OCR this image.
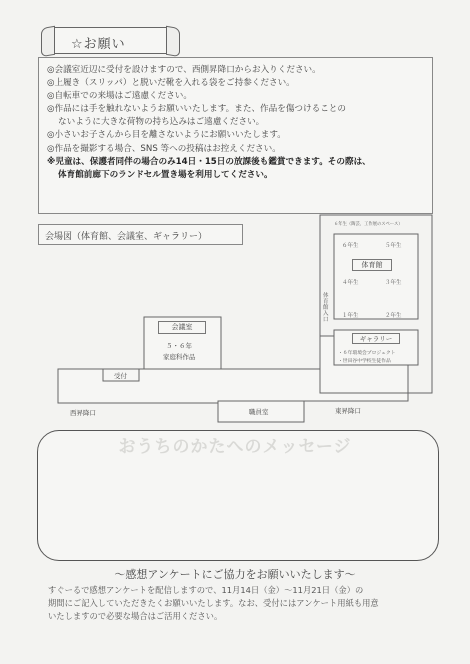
☆お願い
◎会議室近辺に受付を設けますので、西側昇降口からお入りください。
◎上履き（スリッパ）と脱いだ靴を入れる袋をご持参ください。
◎自転車での来場はご遠慮ください。
◎作品には手を触れないようお願いいたします。また、作品を傷つけることの
ないように大きな荷物の持ち込みはご遠慮ください。
◎小さいお子さんから目を離さないようにお願いいたします。
◎作品を撮影する場合、SNS 等への投稿はお控えください。
※児童は、保護者同伴の場合のみ14日・15日の放課後も鑑賞できます。その際は、
体育館前廊下のランドセル置き場を利用してください。
会場図（体育館、会議室、ギャラリー）
会議室
５・６年
家庭科作品
受付
西昇降口	東昇降口
職員室
６年生（陶芸、工作展のスペース）
６年生	５年生
体育館
４年生	３年生
１年生	２年生
体育館入口
ギャラリー
・６年環境会プロジェクト
・世田谷中学校生徒作品
おうちのかたへのメッセージ
～感想アンケートにご協力をお願いいたします～
すぐーるで感想アンケートを配信しますので、11月14日（金）～11月21日（金）の
期間にご記入していただきたくお願いいたします。なお、受付にはアンケート用紙も用意
いたしますので必要な場合はご活用ください。
